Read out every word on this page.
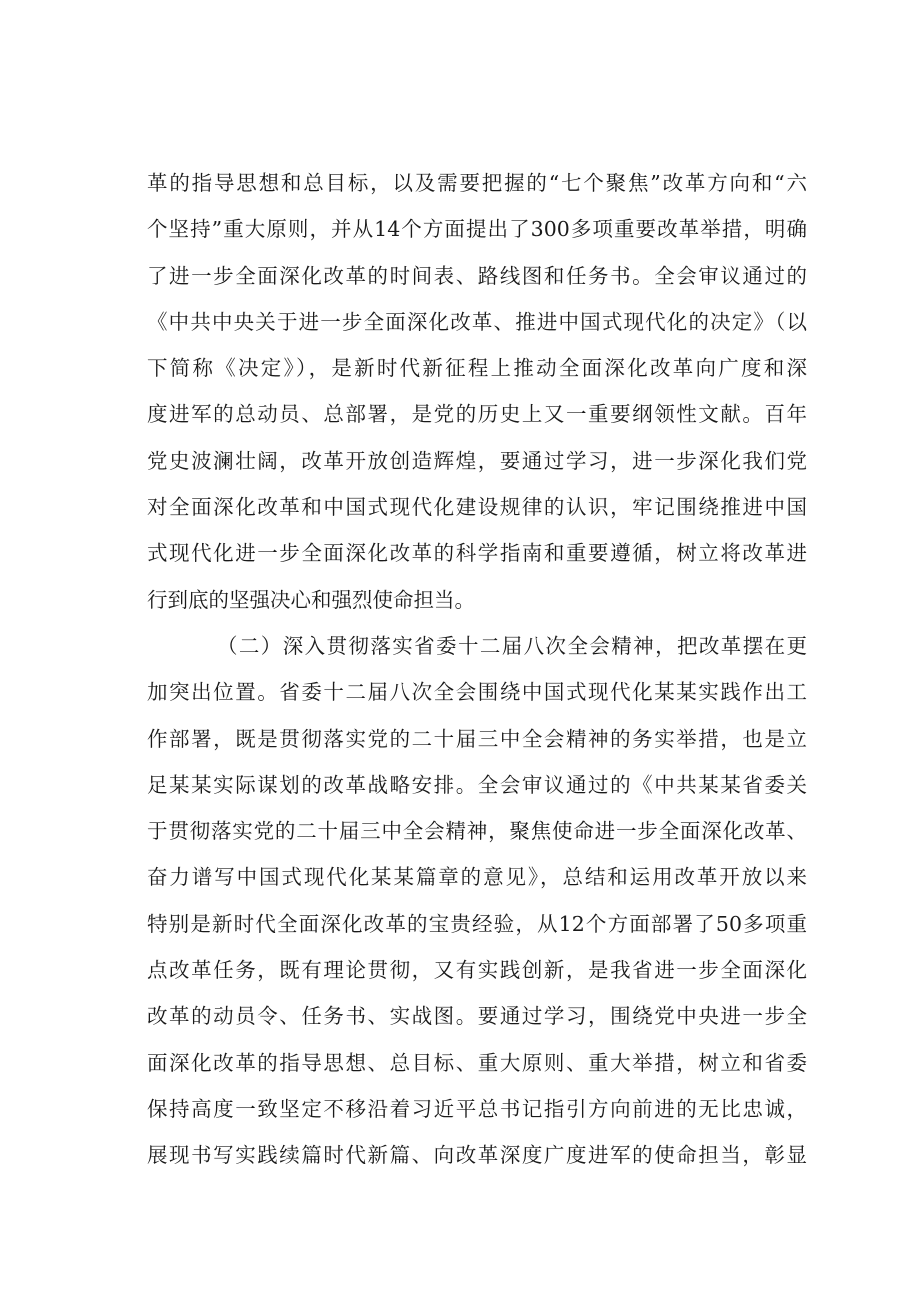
革的指导思想和总目标，以及需要把握的“七个聚焦”改革方向和“六
个坚持”重大原则，并从14个方面提出了300多项重要改革举措，明确
了进一步全面深化改革的时间表、路线图和任务书。全会审议通过的
《中共中央关于进一步全面深化改革、推进中国式现代化的决定》（以
下简称《决定》），是新时代新征程上推动全面深化改革向广度和深
度进军的总动员、总部署，是党的历史上又一重要纲领性文献。百年
党史波澜壮阔，改革开放创造辉煌，要通过学习，进一步深化我们党
对全面深化改革和中国式现代化建设规律的认识，牢记围绕推进中国
式现代化进一步全面深化改革的科学指南和重要遵循，树立将改革进
行到底的坚强决心和强烈使命担当。
（二）深入贯彻落实省委十二届八次全会精神，把改革摆在更
加突出位置。省委十二届八次全会围绕中国式现代化某某实践作出工
作部署，既是贯彻落实党的二十届三中全会精神的务实举措，也是立
足某某实际谋划的改革战略安排。全会审议通过的《中共某某省委关
于贯彻落实党的二十届三中全会精神，聚焦使命进一步全面深化改革、
奋力谱写中国式现代化某某篇章的意见》，总结和运用改革开放以来
特别是新时代全面深化改革的宝贵经验，从12个方面部署了50多项重
点改革任务，既有理论贯彻，又有实践创新，是我省进一步全面深化
改革的动员令、任务书、实战图。要通过学习，围绕党中央进一步全
面深化改革的指导思想、总目标、重大原则、重大举措，树立和省委
保持高度一致坚定不移沿着习近平总书记指引方向前进的无比忠诚，
展现书写实践续篇时代新篇、向改革深度广度进军的使命担当，彰显
